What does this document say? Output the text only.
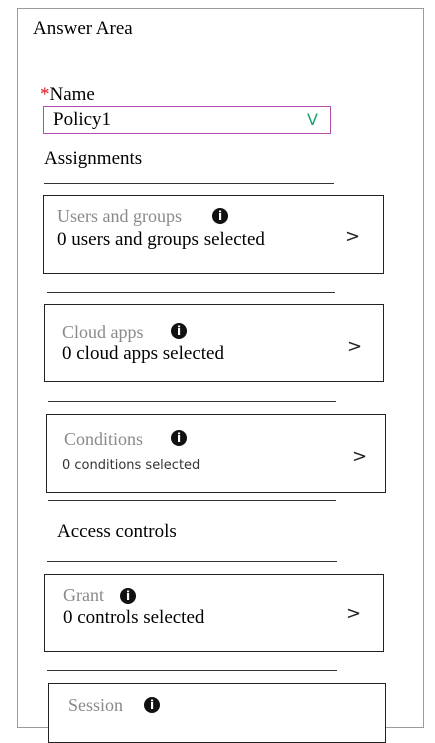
Answer Area
*Name
Policy1	V
Assignments
Users and groups	i
0 users and groups selected	>
Cloud apps	i
0 cloud apps selected	>
Conditions	i
0 conditions selected	>
Access controls
Grant	i
0 controls selected	>
Session	i
